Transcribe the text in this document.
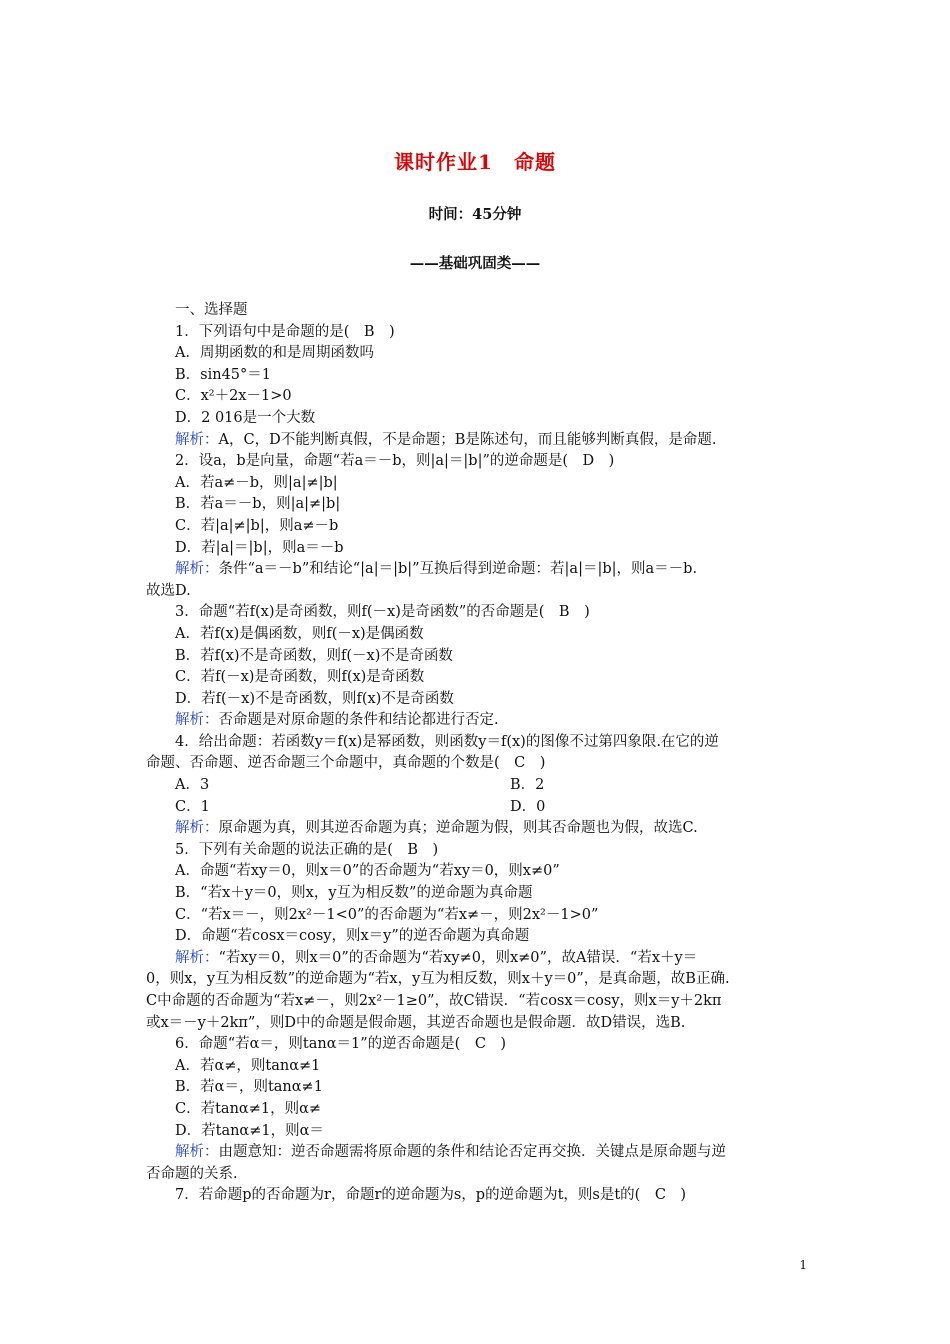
课时作业1　命题
时间：45分钟
——基础巩固类——
一、选择题
1．下列语句中是命题的是(　B　)
A．周期函数的和是周期函数吗
B．sin45°＝1
C．x²＋2x－1>0
D．2 016是一个大数
解析：A，C，D不能判断真假，不是命题；B是陈述句，而且能够判断真假，是命题.
2．设a，b是向量，命题“若a＝－b，则|a|＝|b|”的逆命题是(　D　)
A．若a≠－b，则|a|≠|b|
B．若a＝－b，则|a|≠|b|
C．若|a|≠|b|，则a≠－b
D．若|a|＝|b|，则a＝－b
解析：条件“a＝－b”和结论“|a|＝|b|”互换后得到逆命题：若|a|＝|b|，则a＝－b.
故选D.
3．命题“若f(x)是奇函数，则f(－x)是奇函数”的否命题是(　B　)
A．若f(x)是偶函数，则f(－x)是偶函数
B．若f(x)不是奇函数，则f(－x)不是奇函数
C．若f(－x)是奇函数，则f(x)是奇函数
D．若f(－x)不是奇函数，则f(x)不是奇函数
解析：否命题是对原命题的条件和结论都进行否定.
4．给出命题：若函数y＝f(x)是幂函数，则函数y＝f(x)的图像不过第四象限.在它的逆
命题、否命题、逆否命题三个命题中，真命题的个数是(　C　)
A．3	B．2
C．1	D．0
解析：原命题为真，则其逆否命题为真；逆命题为假，则其否命题也为假，故选C.
5．下列有关命题的说法正确的是(　B　)
A．命题“若xy＝0，则x＝0”的否命题为“若xy＝0，则x≠0”
B．“若x＋y＝0，则x，y互为相反数”的逆命题为真命题
C．“若x＝－，则2x²－1<0”的否命题为“若x≠－，则2x²－1>0”
D．命题“若cosx＝cosy，则x＝y”的逆否命题为真命题
解析：“若xy＝0，则x＝0”的否命题为“若xy≠0，则x≠0”，故A错误．“若x＋y＝
0，则x，y互为相反数”的逆命题为“若x，y互为相反数，则x＋y＝0”，是真命题，故B正确.
C中命题的否命题为“若x≠－，则2x²－1≥0”，故C错误．“若cosx＝cosy，则x＝y＋2kπ
或x＝－y＋2kπ”，则D中的命题是假命题，其逆否命题也是假命题．故D错误，选B.
6．命题“若α＝，则tanα＝1”的逆否命题是(　C　)
A．若α≠，则tanα≠1
B．若α＝，则tanα≠1
C．若tanα≠1，则α≠
D．若tanα≠1，则α＝
解析：由题意知：逆否命题需将原命题的条件和结论否定再交换．关键点是原命题与逆
否命题的关系.
7．若命题p的否命题为r，命题r的逆命题为s，p的逆命题为t，则s是t的(　C　)
1
